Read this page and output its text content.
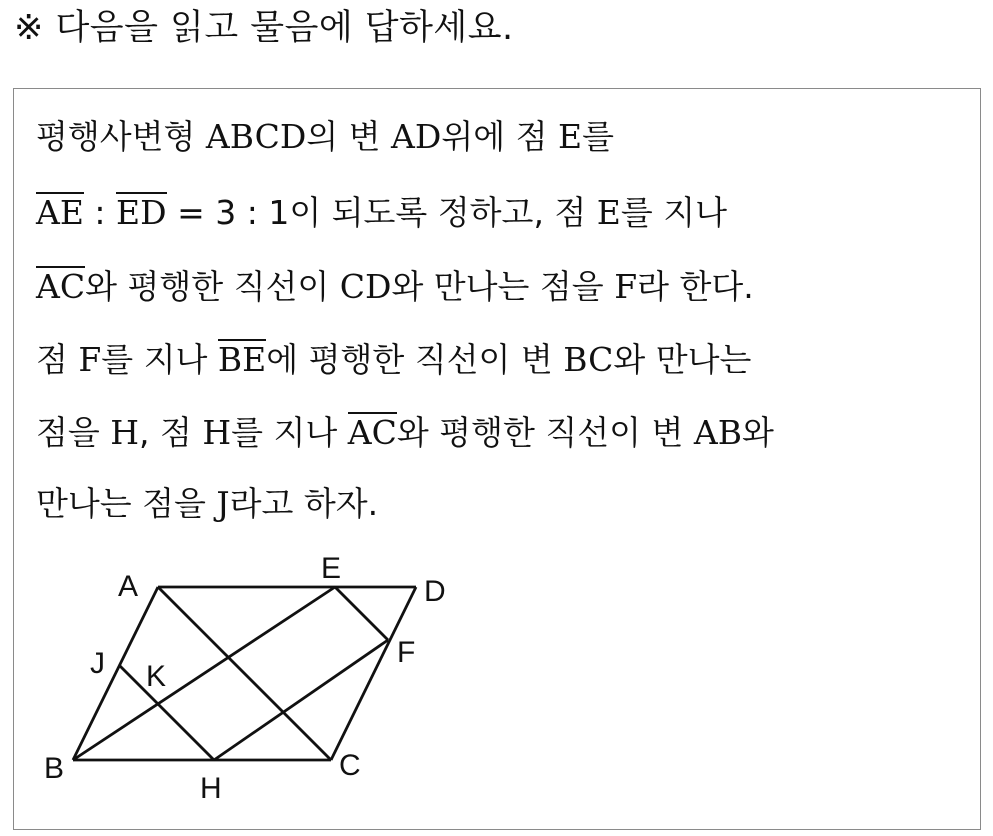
※ 다음을 읽고 물음에 답하세요.
평행사변형 ABCD의 변 AD위에 점 E를
AE : ED = 3 : 1이 되도록 정하고, 점 E를 지나
AC와 평행한 직선이 CD와 만나는 점을 F라 한다.
점 F를 지나 BE에 평행한 직선이 변 BC와 만나는
점을 H, 점 H를 지나 AC와 평행한 직선이 변 AB와
만나는 점을 J라고 하자.
A
B	C
D
E
F
H
J K
